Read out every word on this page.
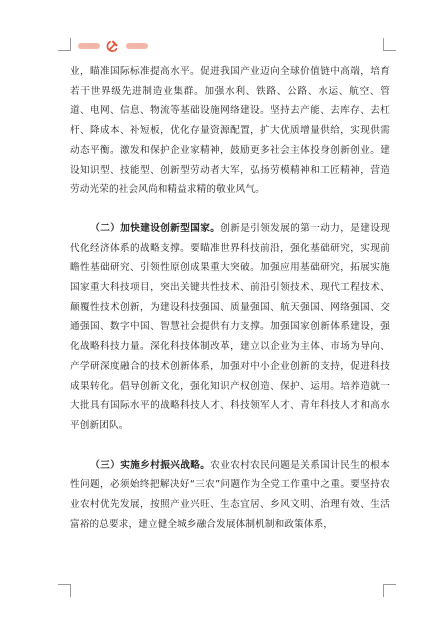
业，瞄准国际标准提高水平。促进我国产业迈向全球价值链中高端，培育若干世界级先进制造业集群。加强水利、铁路、公路、水运、航空、管道、电网、信息、物流等基础设施网络建设。坚持去产能、去库存、去杠杆、降成本、补短板，优化存量资源配置，扩大优质增量供给，实现供需动态平衡。激发和保护企业家精神，鼓励更多社会主体投身创新创业。建设知识型、技能型、创新型劳动者大军，弘扬劳模精神和工匠精神，营造劳动光荣的社会风尚和精益求精的敬业风气。

（二）加快建设创新型国家。创新是引领发展的第一动力，是建设现代化经济体系的战略支撑。要瞄准世界科技前沿，强化基础研究，实现前瞻性基础研究、引领性原创成果重大突破。加强应用基础研究，拓展实施国家重大科技项目，突出关键共性技术、前沿引领技术、现代工程技术、颠覆性技术创新，为建设科技强国、质量强国、航天强国、网络强国、交通强国、数字中国、智慧社会提供有力支撑。加强国家创新体系建设，强化战略科技力量。深化科技体制改革，建立以企业为主体、市场为导向、产学研深度融合的技术创新体系，加强对中小企业创新的支持，促进科技成果转化。倡导创新文化，强化知识产权创造、保护、运用。培养造就一大批具有国际水平的战略科技人才、科技领军人才、青年科技人才和高水平创新团队。

（三）实施乡村振兴战略。农业农村农民问题是关系国计民生的根本性问题，必须始终把解决好“三农”问题作为全党工作重中之重。要坚持农业农村优先发展，按照产业兴旺、生态宜居、乡风文明、治理有效、生活富裕的总要求，建立健全城乡融合发展体制机制和政策体系，
